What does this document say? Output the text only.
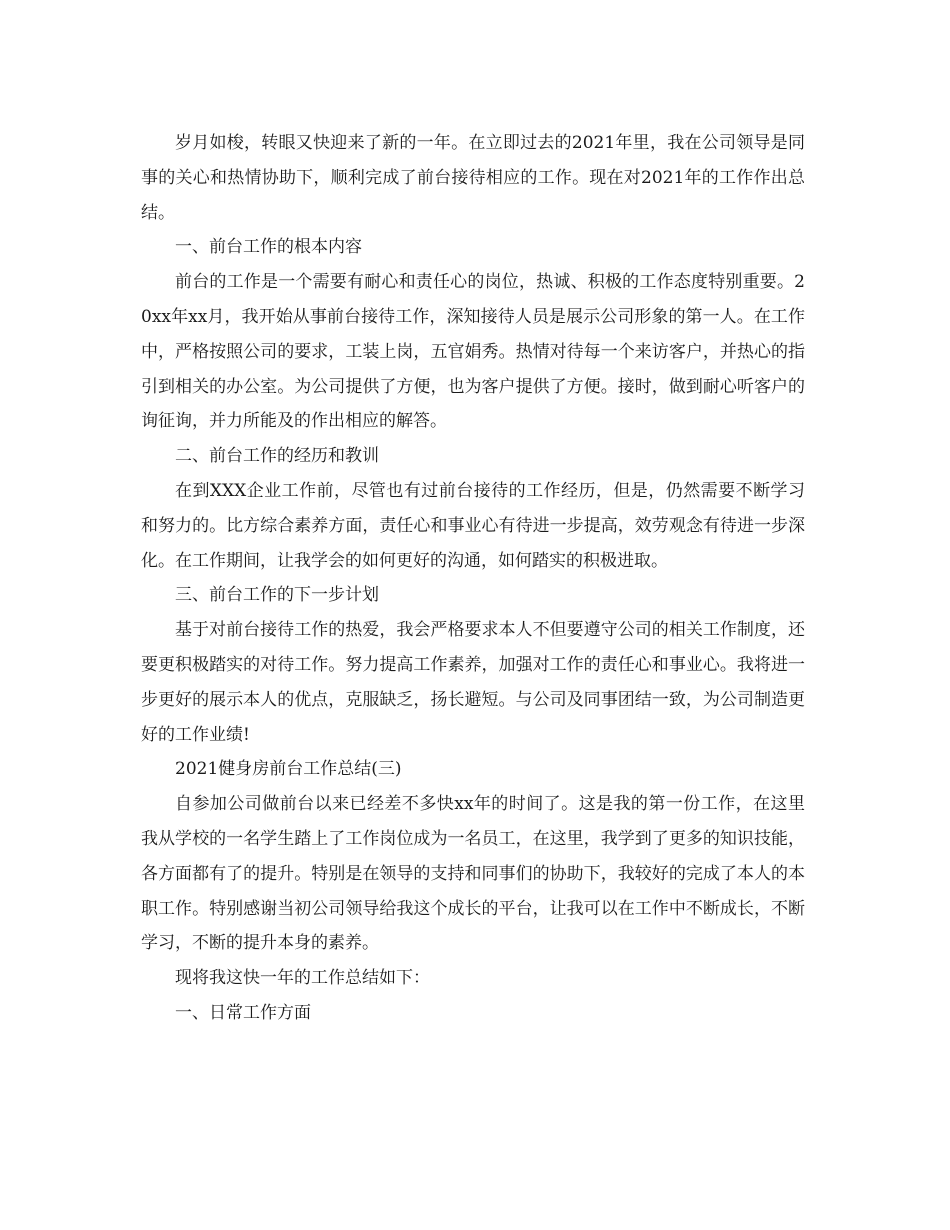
岁月如梭，转眼又快迎来了新的一年。在立即过去的2021年里，我在公司领导是同事的关心和热情协助下，顺利完成了前台接待相应的工作。现在对2021年的工作作出总结。

一、前台工作的根本内容

前台的工作是一个需要有耐心和责任心的岗位，热诚、积极的工作态度特别重要。20xx年xx月，我开始从事前台接待工作，深知接待人员是展示公司形象的第一人。在工作中，严格按照公司的要求，工装上岗，五官娟秀。热情对待每一个来访客户，并热心的指引到相关的办公室。为公司提供了方便，也为客户提供了方便。接时，做到耐心听客户的询征询，并力所能及的作出相应的解答。

二、前台工作的经历和教训

在到XXX企业工作前，尽管也有过前台接待的工作经历，但是，仍然需要不断学习和努力的。比方综合素养方面，责任心和事业心有待进一步提高，效劳观念有待进一步深化。在工作期间，让我学会的如何更好的沟通，如何踏实的积极进取。

三、前台工作的下一步计划

基于对前台接待工作的热爱，我会严格要求本人不但要遵守公司的相关工作制度，还要更积极踏实的对待工作。努力提高工作素养，加强对工作的责任心和事业心。我将进一步更好的展示本人的优点，克服缺乏，扬长避短。与公司及同事团结一致，为公司制造更好的工作业绩!

2021健身房前台工作总结(三)

自参加公司做前台以来已经差不多快xx年的时间了。这是我的第一份工作，在这里我从学校的一名学生踏上了工作岗位成为一名员工，在这里，我学到了更多的知识技能，各方面都有了的提升。特别是在领导的支持和同事们的协助下，我较好的完成了本人的本职工作。特别感谢当初公司领导给我这个成长的平台，让我可以在工作中不断成长，不断学习，不断的提升本身的素养。

现将我这快一年的工作总结如下：

一、日常工作方面
